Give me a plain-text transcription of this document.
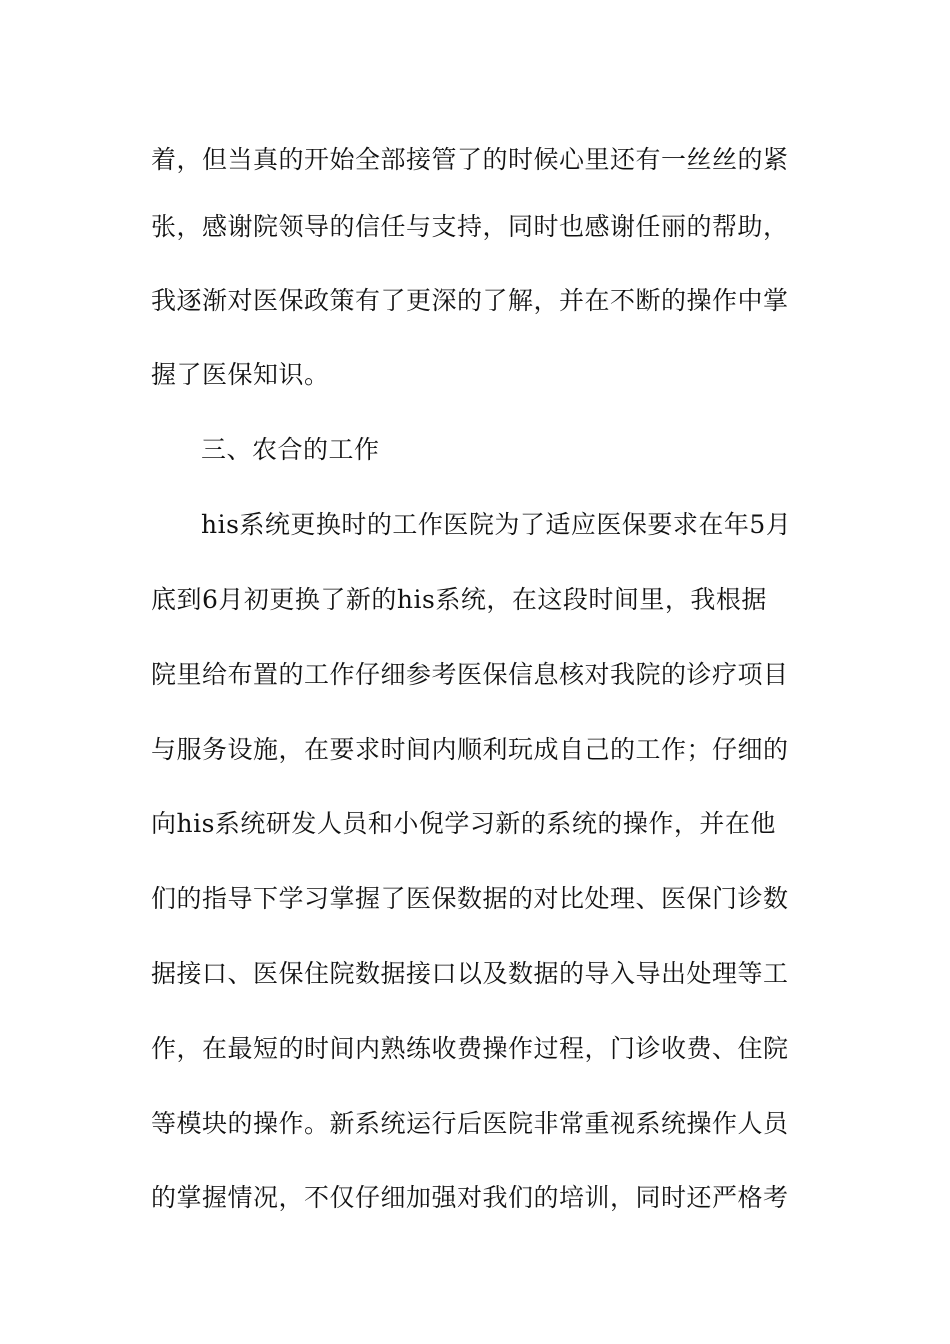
着，但当真的开始全部接管了的时候心里还有一丝丝的紧
张，感谢院领导的信任与支持，同时也感谢任丽的帮助，
我逐渐对医保政策有了更深的了解，并在不断的操作中掌
握了医保知识。
三、农合的工作
his系统更换时的工作医院为了适应医保要求在年5月
底到6月初更换了新的his系统，在这段时间里，我根据
院里给布置的工作仔细参考医保信息核对我院的诊疗项目
与服务设施，在要求时间内顺利玩成自己的工作；仔细的
向his系统研发人员和小倪学习新的系统的操作，并在他
们的指导下学习掌握了医保数据的对比处理、医保门诊数
据接口、医保住院数据接口以及数据的导入导出处理等工
作，在最短的时间内熟练收费操作过程，门诊收费、住院
等模块的操作。新系统运行后医院非常重视系统操作人员
的掌握情况，不仅仔细加强对我们的培训，同时还严格考
